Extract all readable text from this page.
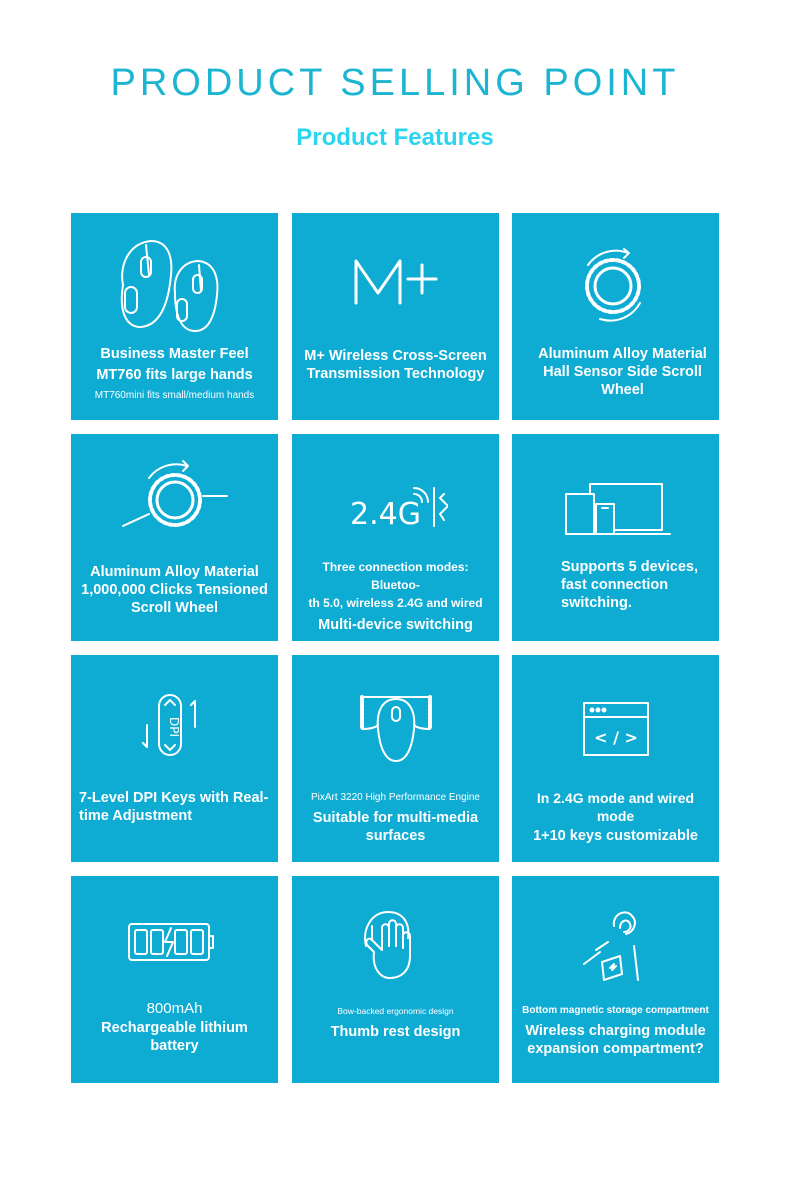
PRODUCT SELLING POINT
Product Features
Business Master Feel
MT760 fits large hands
MT760mini fits small/medium hands
M+ Wireless Cross-Screen
Transmission Technology
Aluminum Alloy Material
Hall Sensor Side Scroll
Wheel
Aluminum Alloy Material
1,000,000 Clicks Tensioned
Scroll Wheel
2.4G
Three connection modes: Bluetoo-
th 5.0, wireless 2.4G and wired
Multi-device switching
Supports 5 devices,
fast connection
switching.
DPI
7-Level DPI Keys with Real-
time Adjustment
PixArt 3220 High Performance Engine
Suitable for multi-media
surfaces
< / >
In 2.4G mode and wired mode
1+10 keys customizable
800mAh
Rechargeable lithium battery
Bow-backed ergonomic design
Thumb rest design
Bottom magnetic storage compartment
Wireless charging module
expansion compartment?
